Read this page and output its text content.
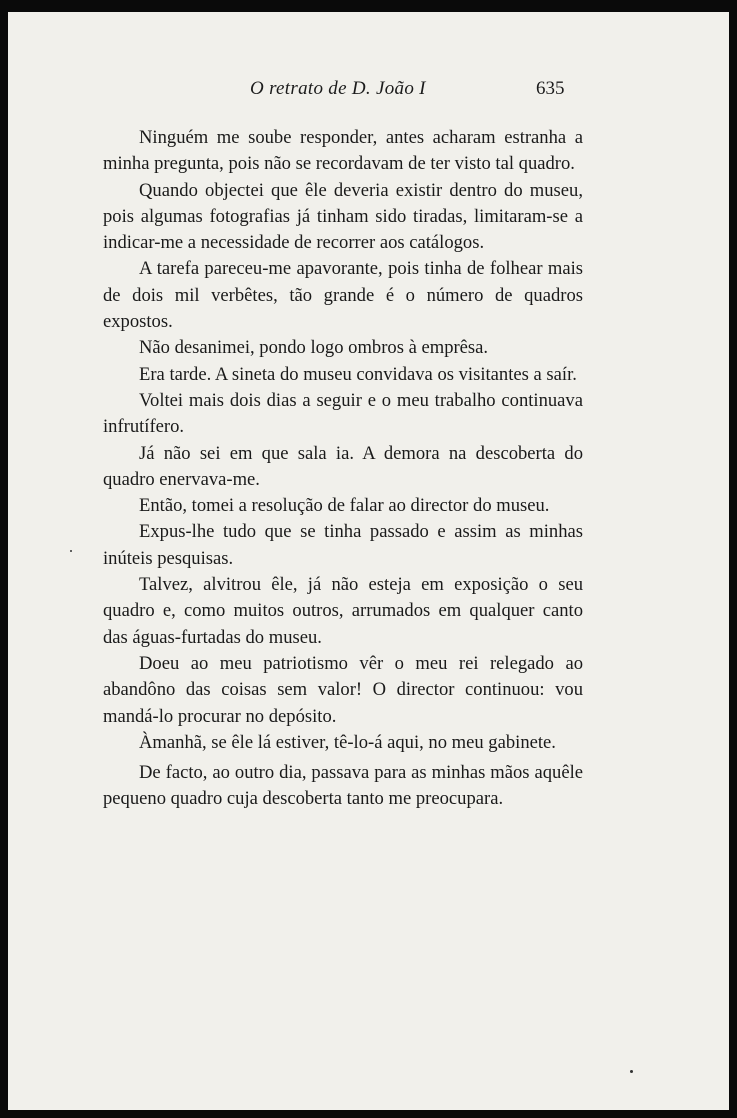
O retrato de D. João I	635

Ninguém me soube responder, antes acharam estranha a minha pregunta, pois não se recordavam de ter visto tal quadro.

Quando objectei que êle deveria existir dentro do museu, pois algumas fotografias já tinham sido tiradas, limitaram-se a indicar-me a necessidade de recorrer aos catálogos.

A tarefa pareceu-me apavorante, pois tinha de folhear mais de dois mil verbêtes, tão grande é o número de quadros expostos.

Não desanimei, pondo logo ombros à emprêsa.

Era tarde. A sineta do museu convidava os visitantes a saír.

Voltei mais dois dias a seguir e o meu trabalho continuava infrutífero.

Já não sei em que sala ia. A demora na descoberta do quadro enervava-me.

Então, tomei a resolução de falar ao director do museu.

Expus-lhe tudo que se tinha passado e assim as minhas inúteis pesquisas.

Talvez, alvitrou êle, já não esteja em exposição o seu quadro e, como muitos outros, arrumados em qualquer canto das águas-furtadas do museu.

Doeu ao meu patriotismo vêr o meu rei relegado ao abandôno das coisas sem valor! O director continuou: vou mandá-lo procurar no depósito.

Àmanhã, se êle lá estiver, tê-lo-á aqui, no meu gabinete.

De facto, ao outro dia, passava para as minhas mãos aquêle pequeno quadro cuja descoberta tanto me preocupara.
